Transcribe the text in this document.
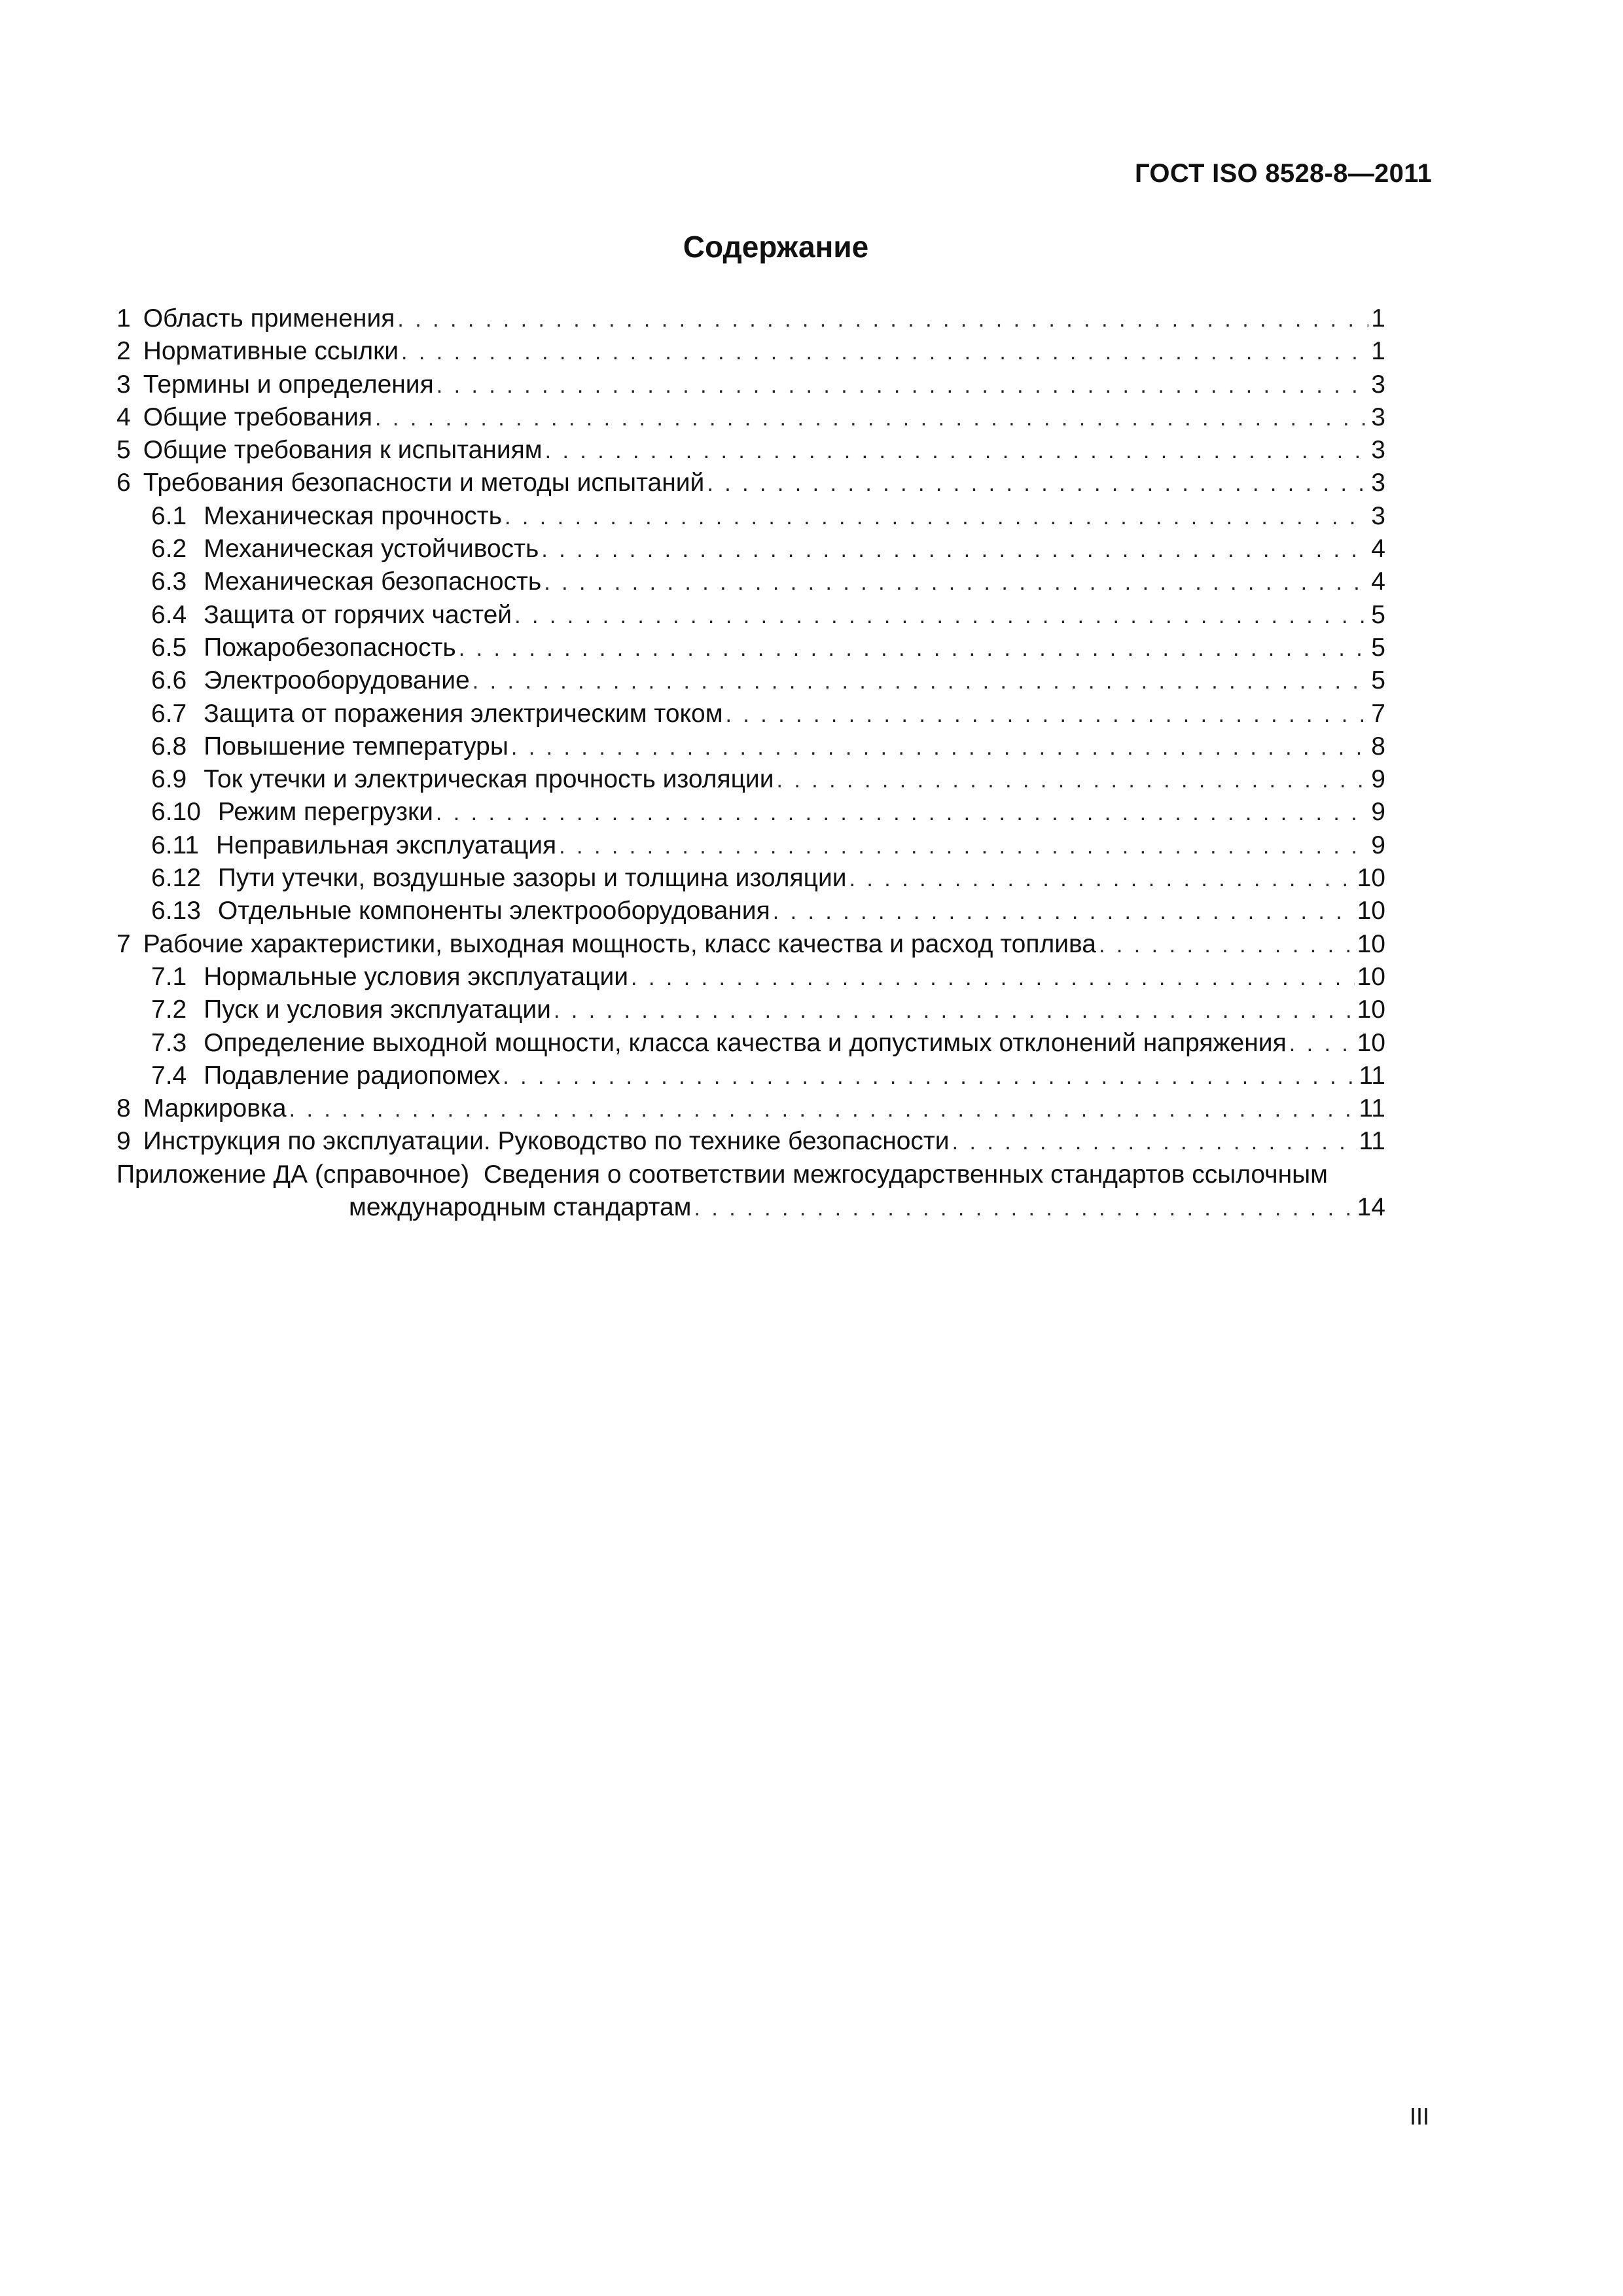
ГОСТ ISO 8528-8—2011
Содержание
1 Область применения . . .	1
2 Нормативные ссылки . . .	1
3 Термины и определения . . .	3
4 Общие требования . . .	3
5 Общие требования к испытаниям . . .	3
6 Требования безопасности и методы испытаний . . .	3
6.1 Механическая прочность . . .	3
6.2 Механическая устойчивость . . .	4
6.3 Механическая безопасность . . .	4
6.4 Защита от горячих частей . . .	5
6.5 Пожаробезопасность . . .	5
6.6 Электрооборудование . . .	5
6.7 Защита от поражения электрическим током . . .	7
6.8 Повышение температуры . . .	8
6.9 Ток утечки и электрическая прочность изоляции . . .	9
6.10 Режим перегрузки . . .	9
6.11 Неправильная эксплуатация . . .	9
6.12 Пути утечки, воздушные зазоры и толщина изоляции . . .	10
6.13 Отдельные компоненты электрооборудования . . .	10
7 Рабочие характеристики, выходная мощность, класс качества и расход топлива . . .	10
7.1 Нормальные условия эксплуатации . . .	10
7.2 Пуск и условия эксплуатации . . .	10
7.3 Определение выходной мощности, класса качества и допустимых отклонений напряжения . . .	10
7.4 Подавление радиопомех . . .	11
8 Маркировка . . .	11
9 Инструкция по эксплуатации. Руководство по технике безопасности . . .	11
Приложение ДА (справочное) Сведения о соответствии межгосударственных стандартов ссылочным
международным стандартам . . .	14
III
